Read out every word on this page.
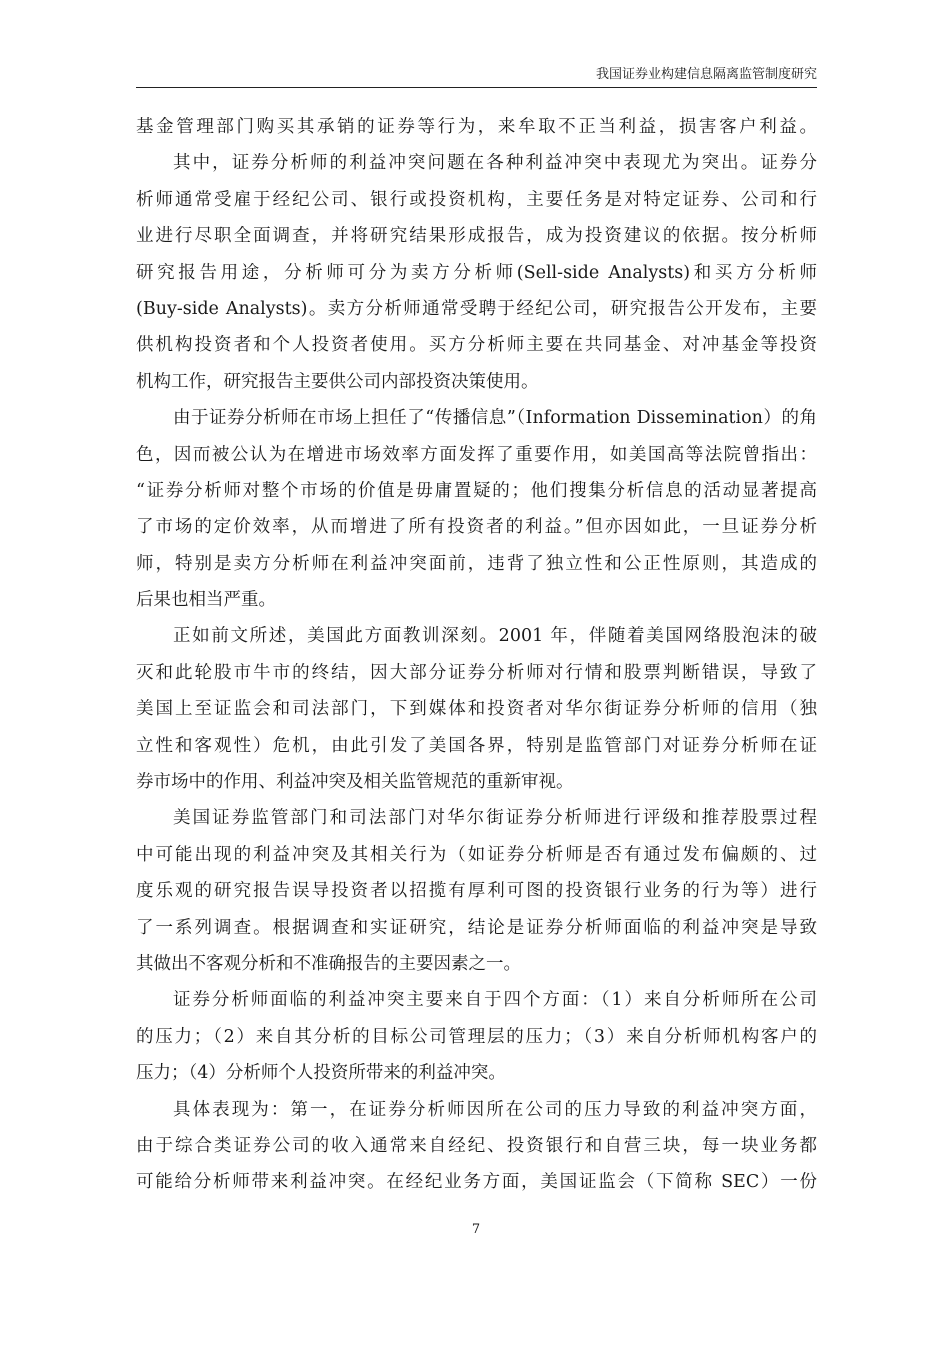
我国证券业构建信息隔离监管制度研究
基金管理部门购买其承销的证券等行为，来牟取不正当利益，损害客户利益。
其中，证券分析师的利益冲突问题在各种利益冲突中表现尤为突出。证券分
析师通常受雇于经纪公司、银行或投资机构，主要任务是对特定证券、公司和行
业进行尽职全面调查，并将研究结果形成报告，成为投资建议的依据。按分析师
研究报告用途，分析师可分为卖方分析师(Sell-side Analysts)和买方分析师
(Buy-side Analysts)。卖方分析师通常受聘于经纪公司，研究报告公开发布，主要
供机构投资者和个人投资者使用。买方分析师主要在共同基金、对冲基金等投资
机构工作，研究报告主要供公司内部投资决策使用。
由于证券分析师在市场上担任了“传播信息”（Information Dissemination）的角
色，因而被公认为在增进市场效率方面发挥了重要作用，如美国高等法院曾指出：
“证券分析师对整个市场的价值是毋庸置疑的；他们搜集分析信息的活动显著提高
了市场的定价效率，从而增进了所有投资者的利益。”但亦因如此，一旦证券分析
师，特别是卖方分析师在利益冲突面前，违背了独立性和公正性原则，其造成的
后果也相当严重。
正如前文所述，美国此方面教训深刻。2001 年，伴随着美国网络股泡沫的破
灭和此轮股市牛市的终结，因大部分证券分析师对行情和股票判断错误，导致了
美国上至证监会和司法部门，下到媒体和投资者对华尔街证券分析师的信用（独
立性和客观性）危机，由此引发了美国各界，特别是监管部门对证券分析师在证
券市场中的作用、利益冲突及相关监管规范的重新审视。
美国证券监管部门和司法部门对华尔街证券分析师进行评级和推荐股票过程
中可能出现的利益冲突及其相关行为（如证券分析师是否有通过发布偏颇的、过
度乐观的研究报告误导投资者以招揽有厚利可图的投资银行业务的行为等）进行
了一系列调查。根据调查和实证研究，结论是证券分析师面临的利益冲突是导致
其做出不客观分析和不准确报告的主要因素之一。
证券分析师面临的利益冲突主要来自于四个方面：（1）来自分析师所在公司
的压力；（2）来自其分析的目标公司管理层的压力；（3）来自分析师机构客户的
压力；（4）分析师个人投资所带来的利益冲突。
具体表现为：第一，在证券分析师因所在公司的压力导致的利益冲突方面，
由于综合类证券公司的收入通常来自经纪、投资银行和自营三块，每一块业务都
可能给分析师带来利益冲突。在经纪业务方面，美国证监会（下简称 SEC）一份
7
